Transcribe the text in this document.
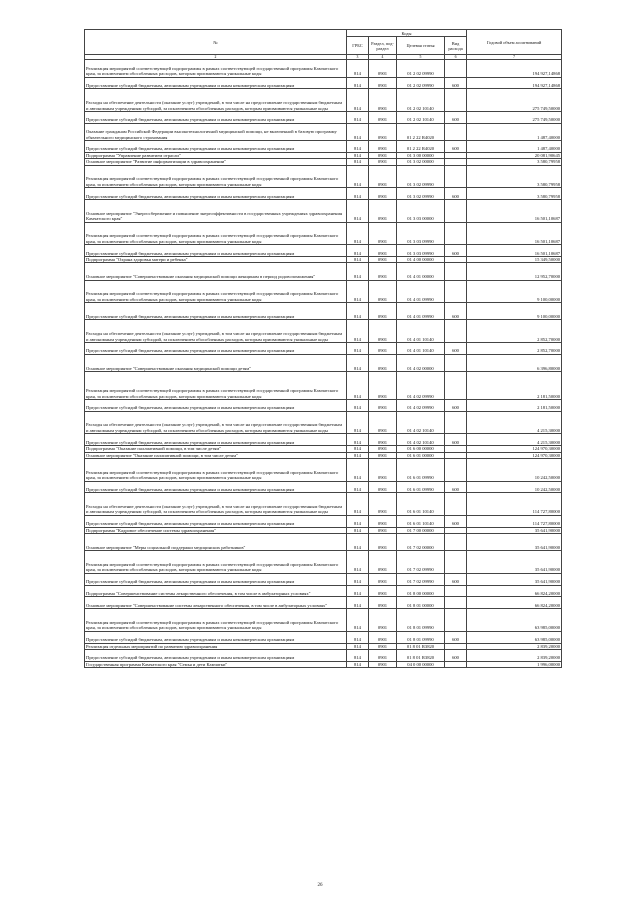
№	Коды				Годовой объем ассигнований
	ГРБС	Раздел, под-раздел	Целевая статья	Вид расхода	
2	3	4	5	6	7
Реализация мероприятий соответствующей подпрограммы в рамках соответствующей государственной программы Камчатского края, за исключением обособленных расходов, которым присваиваются уникальные коды	814	0901	01 2 02 09990		194 927,14868
Предоставление субсидий бюджетным, автономным учреждениям и иным некоммерческим организациям	814	0901	01 2 02 09990	600	194 927,14868
Расходы на обеспечение деятельности (оказание услуг) учреждений, в том числе на предоставление государственным бюджетным и автономным учреждениям субсидий, за исключением обособленных расходов, которым присваиваются уникальные коды	814	0901	01 2 02 10140		275 749,50000
Предоставление субсидий бюджетным, автономным учреждениям и иным некоммерческим организациям	814	0901	01 2 02 10140	600	275 749,50000
Оказание гражданам Российской Федерации высокотехнологичной медицинской помощи, не включенной в базовую программу обязательного медицинского страхования	814	0901	01 2 22 R4020		1 487,40000
Предоставление субсидий бюджетным, автономным учреждениям и иным некоммерческим организациям	814	0901	01 2 22 R4020	600	1 487,40000
Подпрограмма "Управление развитием отрасли"	814	0901	01 3 00 00000		20 081,90645
Основное мероприятие "Развитие информатизации в здравоохранении"	814	0901	01 3 02 00000		3 580,79958
Реализация мероприятий соответствующей подпрограммы в рамках соответствующей государственной программы Камчатского края, за исключением обособленных расходов, которым присваиваются уникальные коды	814	0901	01 3 02 09990		3 580,79958
Предоставление субсидий бюджетным, автономным учреждениям и иным некоммерческим организациям	814	0901	01 3 02 09990	600	3 580,79958
Основное мероприятие "Энергосбережение и повышение энергоэффективности в государственных учреждениях здравоохранения Камчатского края"	814	0901	01 3 03 00000		16 501,10687
Реализация мероприятий соответствующей подпрограммы в рамках соответствующей государственной программы Камчатского края, за исключением обособленных расходов, которым присваиваются уникальные коды	814	0901	01 3 03 09990		16 501,10687
Предоставление субсидий бюджетным, автономным учреждениям и иным некоммерческим организациям	814	0901	01 3 03 09990	600	16 501,10687
Подпрограмма "Охрана здоровья матери и ребенка"	814	0901	01 4 00 00000		15 349,50000
Основное мероприятие "Совершенствование оказания медицинской помощи женщинам в период родовспоможения"	814	0901	01 4 01 00000		12 952,70000
Реализация мероприятий соответствующей подпрограммы в рамках соответствующей государственной программы Камчатского края, за исключением обособленных расходов, которым присваиваются уникальные коды	814	0901	01 4 01 09990		9 100,00000
Предоставление субсидий бюджетным, автономным учреждениям и иным некоммерческим организациям	814	0901	01 4 01 09990	600	9 100,00000
Расходы на обеспечение деятельности (оказание услуг) учреждений, в том числе на предоставление государственным бюджетным и автономным учреждениям субсидий, за исключением обособленных расходов, которым присваиваются уникальные коды	814	0901	01 4 01 10140		2 852,70000
Предоставление субсидий бюджетным, автономным учреждениям и иным некоммерческим организациям	814	0901	01 4 01 10140	600	2 852,70000
Основное мероприятие "Совершенствование оказания медицинской помощи детям"	814	0901	01 4 02 00000		6 396,80000
Реализация мероприятий соответствующей подпрограммы в рамках соответствующей государственной программы Камчатского края, за исключением обособленных расходов, которым присваиваются уникальные коды	814	0901	01 4 02 09990		2 181,50000
Предоставление субсидий бюджетным, автономным учреждениям и иным некоммерческим организациям	814	0901	01 4 02 09990	600	2 181,50000
Расходы на обеспечение деятельности (оказание услуг) учреждений, в том числе на предоставление государственным бюджетным и автономным учреждениям субсидий, за исключением обособленных расходов, которым присваиваются уникальные коды	814	0901	01 4 02 10140		4 215,30000
Предоставление субсидий бюджетным, автономным учреждениям и иным некоммерческим организациям	814	0901	01 4 02 10140	600	4 215,30000
Подпрограмма "Оказание паллиативной помощи, в том числе детям"	814	0901	01 6 00 00000		124 970,30000
Основное мероприятие "Оказание паллиативной помощи, в том числе детям"	814	0901	01 6 01 00000		124 970,30000
Реализация мероприятий соответствующей подпрограммы в рамках соответствующей государственной программы Камчатского края, за исключением обособленных расходов, которым присваиваются уникальные коды	814	0901	01 6 01 09990		10 242,50000
Предоставление субсидий бюджетным, автономным учреждениям и иным некоммерческим организациям	814	0901	01 6 01 09990	600	10 242,50000
Расходы на обеспечение деятельности (оказание услуг) учреждений, в том числе на предоставление государственным бюджетным и автономным учреждениям субсидий, за исключением обособленных расходов, которым присваиваются уникальные коды	814	0901	01 6 01 10140		114 727,80000
Предоставление субсидий бюджетным, автономным учреждениям и иным некоммерческим организациям	814	0901	01 6 01 10140	600	114 727,80000
Подпрограмма "Кадровое обеспечение системы здравоохранения"	814	0901	01 7 00 00000		35 641,90000
Основное мероприятие "Меры социальной поддержки медицинских работников"	814	0901	01 7 02 00000		35 641,90000
Реализация мероприятий соответствующей подпрограммы в рамках соответствующей государственной программы Камчатского края, за исключением обособленных расходов, которым присваиваются уникальные коды	814	0901	01 7 02 09990		35 641,90000
Предоставление субсидий бюджетным, автономным учреждениям и иным некоммерческим организациям	814	0901	01 7 02 09990	600	35 641,90000
Подпрограмма "Совершенствование системы лекарственного обеспечения, в том числе в амбулаторных условиях"	814	0901	01 8 00 00000		66 824,20000
Основное мероприятие "Совершенствование системы лекарственного обеспечения, в том числе в амбулаторных условиях"	814	0901	01 8 01 00000		66 824,20000
Реализация мероприятий соответствующей подпрограммы в рамках соответствующей государственной программы Камчатского края, за исключением обособленных расходов, которым присваиваются уникальные коды	814	0901	01 8 01 09990		63 985,00000
Предоставление субсидий бюджетным, автономным учреждениям и иным некоммерческим организациям	814	0901	01 8 01 09990	600	63 985,00000
Реализация отдельных мероприятий по развитию здравоохранения	814	0901	01 8 01 R3820		2 839,20000
Предоставление субсидий бюджетным, автономным учреждениям и иным некоммерческим организациям	814	0901	01 8 01 R3820	600	2 839,20000
Государственная программа Камчатского края "Семья и дети Камчатки"	814	0901	04 0 00 00000		1 996,00000
26
